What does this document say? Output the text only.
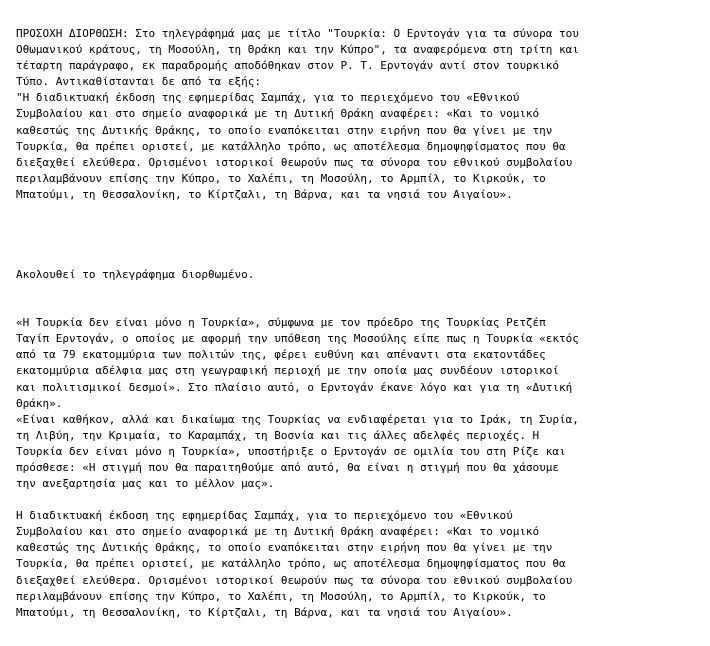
ΠΡΟΣΟΧΗ ΔΙΟΡΘΩΣΗ: Στο τηλεγράφημά μας με τίτλο "Τουρκία: Ο Ερντογάν για τα σύνορα του
Οθωμανικού κράτους, τη Μοσούλη, τη Θράκη και την Κύπρο", τα αναφερόμενα στη τρίτη και
τέταρτη παράγραφο, εκ παραδρομής αποδόθηκαν στον Ρ. Τ. Ερντογάν αντί στον τουρκικό
Τύπο. Αντικαθίστανται δε από τα εξής:
"Η διαδικτυακή έκδοση της εφημερίδας Σαμπάχ, για το περιεχόμενο του «Εθνικού
Συμβολαίου και στο σημείο αναφορικά με τη Δυτική Θράκη αναφέρει: «Και το νομικό
καθεστώς της Δυτικής Θράκης, το οποίο εναπόκειται στην ειρήνη που θα γίνει με την
Τουρκία, θα πρέπει οριστεί, με κατάλληλο τρόπο, ως αποτέλεσμα δημοψηφίσματος που θα
διεξαχθεί ελεύθερα. Ορισμένοι ιστορικοί θεωρούν πως τα σύνορα του εθνικού συμβολαίου
περιλαμβάνουν επίσης την Κύπρο, το Χαλέπι, τη Μοσούλη, το Αρμπίλ, το Κιρκούκ, το
Μπατούμι, τη Θεσσαλονίκη, το Κίρτζαλι, τη Βάρνα, και τα νησιά του Αιγαίου».
Ακολουθεί το τηλεγράφημα διορθωμένο.
«Η Τουρκία δεν είναι μόνο η Τουρκία», σύμφωνα με τον πρόεδρο της Τουρκίας Ρετζέπ
Ταγίπ Ερντογάν, ο οποίος με αφορμή την υπόθεση της Μοσούλης είπε πως η Τουρκία «εκτός
από τα 79 εκατομμύρια των πολιτών της, φέρει ευθύνη και απέναντι στα εκατοντάδες
εκατομμύρια αδέλφια μας στη γεωγραφική περιοχή με την οποία μας συνδέουν ιστορικοί
και πολιτισμικοί δεσμοί». Στο πλαίσιο αυτό, ο Ερντογάν έκανε λόγο και για τη «Δυτική
Θράκη».
«Είναι καθήκον, αλλά και δικαίωμα της Τουρκίας να ενδιαφέρεται για το Ιράκ, τη Συρία,
τη Λιβύη, την Κριμαία, το Καραμπάχ, τη Βοσνία και τις άλλες αδελφές περιοχές. Η
Τουρκία δεν είναι μόνο η Τουρκία», υποστήριξε ο Ερντογάν σε ομιλία του στη Ρίζε και
πρόσθεσε: «Η στιγμή που θα παραιτηθούμε από αυτό, θα είναι η στιγμή που θα χάσουμε
την ανεξαρτησία μας και το μέλλον μας».
Η διαδικτυακή έκδοση της εφημερίδας Σαμπάχ, για το περιεχόμενο του «Εθνικού
Συμβολαίου και στο σημείο αναφορικά με τη Δυτική Θράκη αναφέρει: «Και το νομικό
καθεστώς της Δυτικής Θράκης, το οποίο εναπόκειται στην ειρήνη που θα γίνει με την
Τουρκία, θα πρέπει οριστεί, με κατάλληλο τρόπο, ως αποτέλεσμα δημοψηφίσματος που θα
διεξαχθεί ελεύθερα. Ορισμένοι ιστορικοί θεωρούν πως τα σύνορα του εθνικού συμβολαίου
περιλαμβάνουν επίσης την Κύπρο, το Χαλέπι, τη Μοσούλη, το Αρμπίλ, το Κιρκούκ, το
Μπατούμι, τη Θεσσαλονίκη, το Κίρτζαλι, τη Βάρνα, και τα νησιά του Αιγαίου».
